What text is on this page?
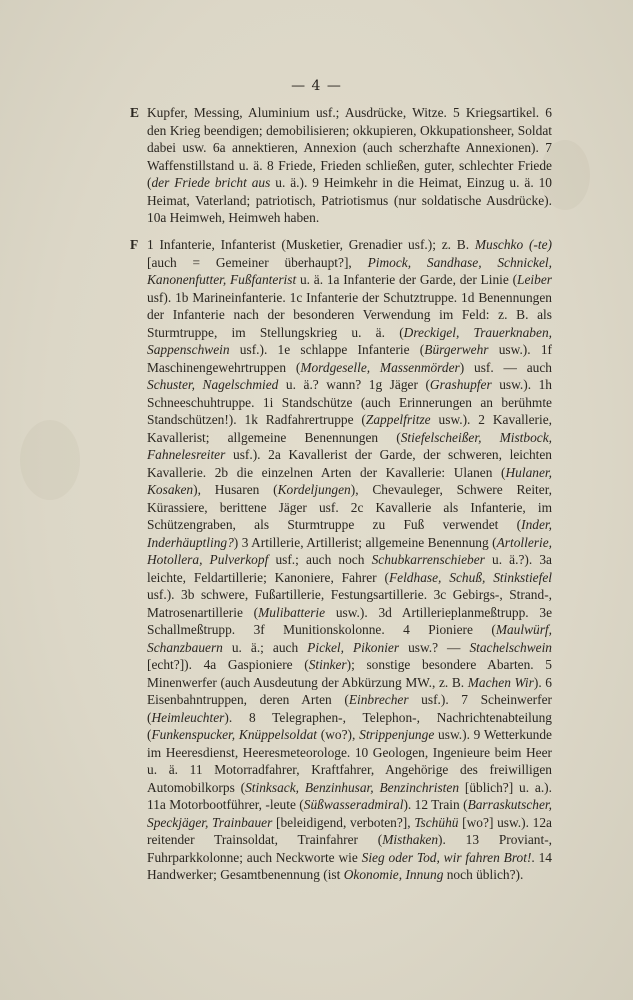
— 4 —
E Kupfer, Messing, Aluminium usf.; Ausdrücke, Witze. 5 Kriegsartikel. 6 den Krieg beendigen; demobilisieren; okkupieren, Okkupationsheer, Soldat dabei usw. 6a annektieren, Annexion (auch scherzhafte Annexionen). 7 Waffenstillstand u. ä. 8 Friede, Frieden schließen, guter, schlechter Friede (der Friede bricht aus u. ä.). 9 Heimkehr in die Heimat, Einzug u. ä. 10 Heimat, Vaterland; patriotisch, Patriotismus (nur soldatische Ausdrücke). 10a Heimweh, Heimweh haben.

F 1 Infanterie, Infanterist (Musketier, Grenadier usf.); z. B. Muschko (-te) [auch = Gemeiner überhaupt?], Pimock, Sandhase, Schnickel, Kanonenfutter, Fußfanterist u. ä. 1a Infanterie der Garde, der Linie (Leiber usf). 1b Marineinfanterie. 1c Infanterie der Schutztruppe. 1d Benennungen der Infanterie nach der besonderen Verwendung im Feld: z. B. als Sturmtruppe, im Stellungskrieg u. ä. (Dreckigel, Trauerknaben, Sappenschwein usf.). 1e schlappe Infanterie (Bürgerwehr usw.). 1f Maschinengewehrtruppen (Mordgeselle, Massenmörder) usf. — auch Schuster, Nagelschmied u. ä.? wann? 1g Jäger (Grashupfer usw.). 1h Schneeschuhtruppe. 1i Standschütze (auch Erinnerungen an berühmte Standschützen!). 1k Radfahrertruppe (Zappelfritze usw.). 2 Kavallerie, Kavallerist; allgemeine Benennungen (Stiefelscheißer, Mistbock, Fahnelesreiter usf.). 2a Kavallerist der Garde, der schweren, leichten Kavallerie. 2b die einzelnen Arten der Kavallerie: Ulanen (Hulaner, Kosaken), Husaren (Kordeljungen), Chevauleger, Schwere Reiter, Kürassiere, berittene Jäger usf. 2c Kavallerie als Infanterie, im Schützengraben, als Sturmtruppe zu Fuß verwendet (Inder, Inderhäuptling?) 3 Artillerie, Artillerist; allgemeine Benennung (Artollerie, Hotollera, Pulverkopf usf.; auch noch Schubkarrenschieber u. ä.?). 3a leichte, Feldartillerie; Kanoniere, Fahrer (Feldhase, Schuß, Stinkstiefel usf.). 3b schwere, Fußartillerie, Festungsartillerie. 3c Gebirgs-, Strand-, Matrosenartillerie (Mulibatterie usw.). 3d Artillerieplanmeßtrupp. 3e Schallmeßtrupp. 3f Munitionskolonne. 4 Pioniere (Maulwürf, Schanzbauern u. ä.; auch Pickel, Pikonier usw.? — Stachelschwein [echt?]). 4a Gaspioniere (Stinker); sonstige besondere Abarten. 5 Minenwerfer (auch Ausdeutung der Abkürzung MW., z. B. Machen Wir). 6 Eisenbahntruppen, deren Arten (Einbrecher usf.). 7 Scheinwerfer (Heimleuchter). 8 Telegraphen-, Telephon-, Nachrichtenabteilung (Funkenspucker, Knüppelsoldat (wo?), Strippenjunge usw.). 9 Wetterkunde im Heeresdienst, Heeresmeteorologe. 10 Geologen, Ingenieure beim Heer u. ä. 11 Motorradfahrer, Kraftfahrer, Angehörige des freiwilligen Automobilkorps (Stinksack, Benzinhusar, Benzinchristen [üblich?] u. a.). 11a Motorbootführer, -leute (Süßwasseradmiral). 12 Train (Barraskutscher, Speckjäger, Trainbauer [beleidigend, verboten?], Tschühü [wo?] usw.). 12a reitender Trainsoldat, Trainfahrer (Misthaken). 13 Proviant-, Fuhrparkkolonne; auch Neckworte wie Sieg oder Tod, wir fahren Brot!. 14 Handwerker; Gesamtbenennung (ist Okonomie, Innung noch üblich?).
